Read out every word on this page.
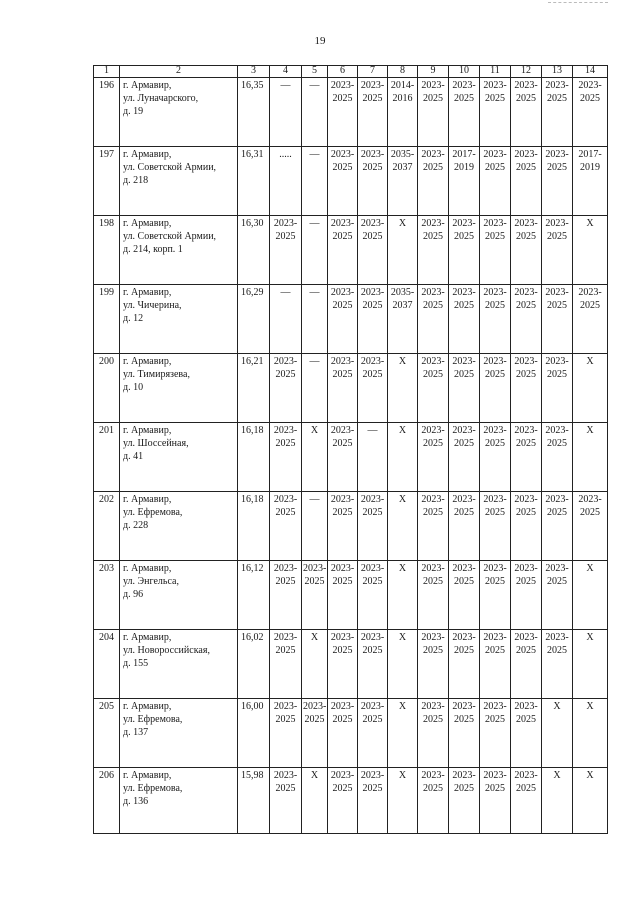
19
1	2	3	4	5	6	7	8	9	10	11	12	13	14
196	г. Армавир,
ул. Луначарского,
д. 19	16,35	—	—	2023-
2025	2023-
2025	2014-
2016	2023-
2025	2023-
2025	2023-
2025	2023-
2025	2023-
2025	2023-
2025

197	г. Армавир,
ул. Советской Армии,
д. 218	16,31	.....	—	2023-
2025	2023-
2025	2035-
2037	2023-
2025	2017-
2019	2023-
2025	2023-
2025	2023-
2025	2017-
2019

198	г. Армавир,
ул. Советской Армии,
д. 214, корп. 1	16,30	2023-
2025	—	2023-
2025	2023-
2025	X	2023-
2025	2023-
2025	2023-
2025	2023-
2025	2023-
2025	X

199	г. Армавир,
ул. Чичерина,
д. 12	16,29	—	—	2023-
2025	2023-
2025	2035-
2037	2023-
2025	2023-
2025	2023-
2025	2023-
2025	2023-
2025	2023-
2025

200	г. Армавир,
ул. Тимирязева,
д. 10	16,21	2023-
2025	—	2023-
2025	2023-
2025	X	2023-
2025	2023-
2025	2023-
2025	2023-
2025	2023-
2025	X

201	г. Армавир,
ул. Шоссейная,
д. 41	16,18	2023-
2025	X	2023-
2025	—	X	2023-
2025	2023-
2025	2023-
2025	2023-
2025	2023-
2025	X

202	г. Армавир,
ул. Ефремова,
д. 228	16,18	2023-
2025	—	2023-
2025	2023-
2025	X	2023-
2025	2023-
2025	2023-
2025	2023-
2025	2023-
2025	2023-
2025

203	г. Армавир,
ул. Энгельса,
д. 96	16,12	2023-
2025	2023-
2025	2023-
2025	2023-
2025	X	2023-
2025	2023-
2025	2023-
2025	2023-
2025	2023-
2025	X

204	г. Армавир,
ул. Новороссийская,
д. 155	16,02	2023-
2025	X	2023-
2025	2023-
2025	X	2023-
2025	2023-
2025	2023-
2025	2023-
2025	2023-
2025	X

205	г. Армавир,
ул. Ефремова,
д. 137	16,00	2023-
2025	2023-
2025	2023-
2025	2023-
2025	X	2023-
2025	2023-
2025	2023-
2025	2023-
2025	X	X

206	г. Армавир,
ул. Ефремова,
д. 136	15,98	2023-
2025	X	2023-
2025	2023-
2025	X	2023-
2025	2023-
2025	2023-
2025	2023-
2025	X	X
